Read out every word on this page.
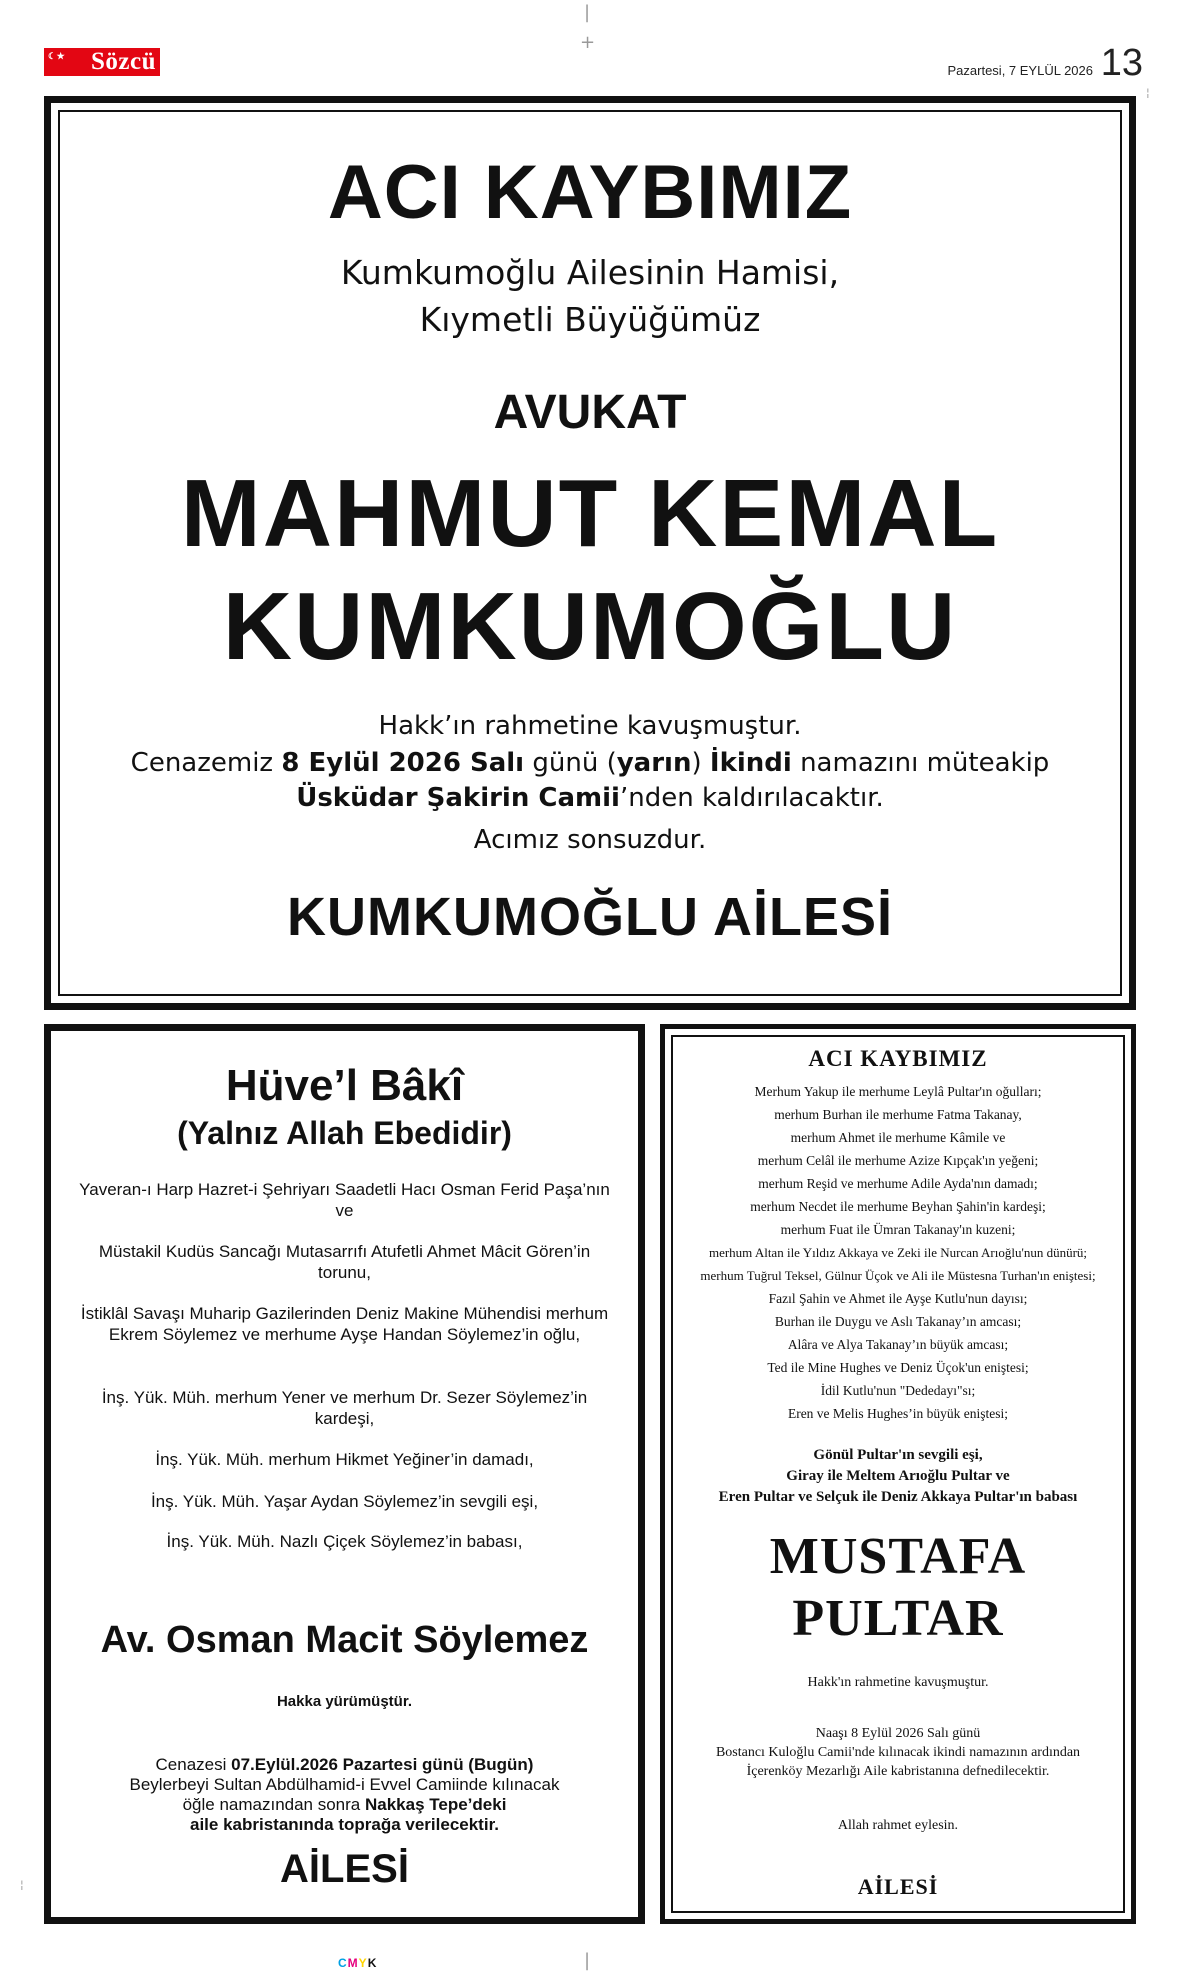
☾★ Sözcü	Pazartesi, 7 EYLÜL 2026 13
|
+
¦
ACI KAYBIMIZ
Kumkumoğlu Ailesinin Hamisi,
Kıymetli Büyüğümüz
AVUKAT
MAHMUT KEMAL
KUMKUMOĞLU
Hakk’ın rahmetine kavuşmuştur.
Cenazemiz 8 Eylül 2026 Salı günü (yarın) İkindi namazını müteakip
Üsküdar Şakirin Camii’nden kaldırılacaktır.
Acımız sonsuzdur.
KUMKUMOĞLU AİLESİ
Hüve’l Bâkî
(Yalnız Allah Ebedidir)
Yaveran-ı Harp Hazret-i Şehriyarı Saadetli Hacı Osman Ferid Paşa’nın ve
Müstakil Kudüs Sancağı Mutasarrıfı Atufetli Ahmet Mâcit Gören’in torunu,
İstiklâl Savaşı Muharip Gazilerinden Deniz Makine Mühendisi merhum Ekrem Söylemez ve merhume Ayşe Handan Söylemez’in oğlu,
İnş. Yük. Müh. merhum Yener ve merhum Dr. Sezer Söylemez’in kardeşi,
İnş. Yük. Müh. merhum Hikmet Yeğiner’in damadı,
İnş. Yük. Müh. Yaşar Aydan Söylemez’in sevgili eşi,
İnş. Yük. Müh. Nazlı Çiçek Söylemez’in babası,
Av. Osman Macit Söylemez
Hakka yürümüştür.
Cenazesi 07.Eylül.2026 Pazartesi günü (Bugün)
Beylerbeyi Sultan Abdülhamid-i Evvel Camiinde kılınacak
öğle namazından sonra Nakkaş Tepe’deki
aile kabristanında toprağa verilecektir.
AİLESİ
ACI KAYBIMIZ
Merhum Yakup ile merhume Leylâ Pultar'ın oğulları;
merhum Burhan ile merhume Fatma Takanay,
merhum Ahmet ile merhume Kâmile ve
merhum Celâl ile merhume Azize Kıpçak'ın yeğeni;
merhum Reşid ve merhume Adile Ayda'nın damadı;
merhum Necdet ile merhume Beyhan Şahin'in kardeşi;
merhum Fuat ile Ümran Takanay'ın kuzeni;
merhum Altan ile Yıldız Akkaya ve Zeki ile Nurcan Arıoğlu'nun dünürü;
merhum Tuğrul Teksel, Gülnur Üçok ve Ali ile Müstesna Turhan'ın eniştesi;
Fazıl Şahin ve Ahmet ile Ayşe Kutlu'nun dayısı;
Burhan ile Duygu ve Aslı Takanay’ın amcası;
Alâra ve Alya Takanay’ın büyük amcası;
Ted ile Mine Hughes ve Deniz Üçok'un eniştesi;
İdil Kutlu'nun "Dededayı"sı;
Eren ve Melis Hughes’in büyük eniştesi;
Gönül Pultar'ın sevgili eşi,
Giray ile Meltem Arıoğlu Pultar ve
Eren Pultar ve Selçuk ile Deniz Akkaya Pultar'ın babası
MUSTAFA
PULTAR
Hakk'ın rahmetine kavuşmuştur.
Naaşı 8 Eylül 2026 Salı günü
Bostancı Kuloğlu Camii'nde kılınacak ikindi namazının ardından
İçerenköy Mezarlığı Aile kabristanına defnedilecektir.
Allah rahmet eylesin.
AİLESİ
¦
|
CMYK
